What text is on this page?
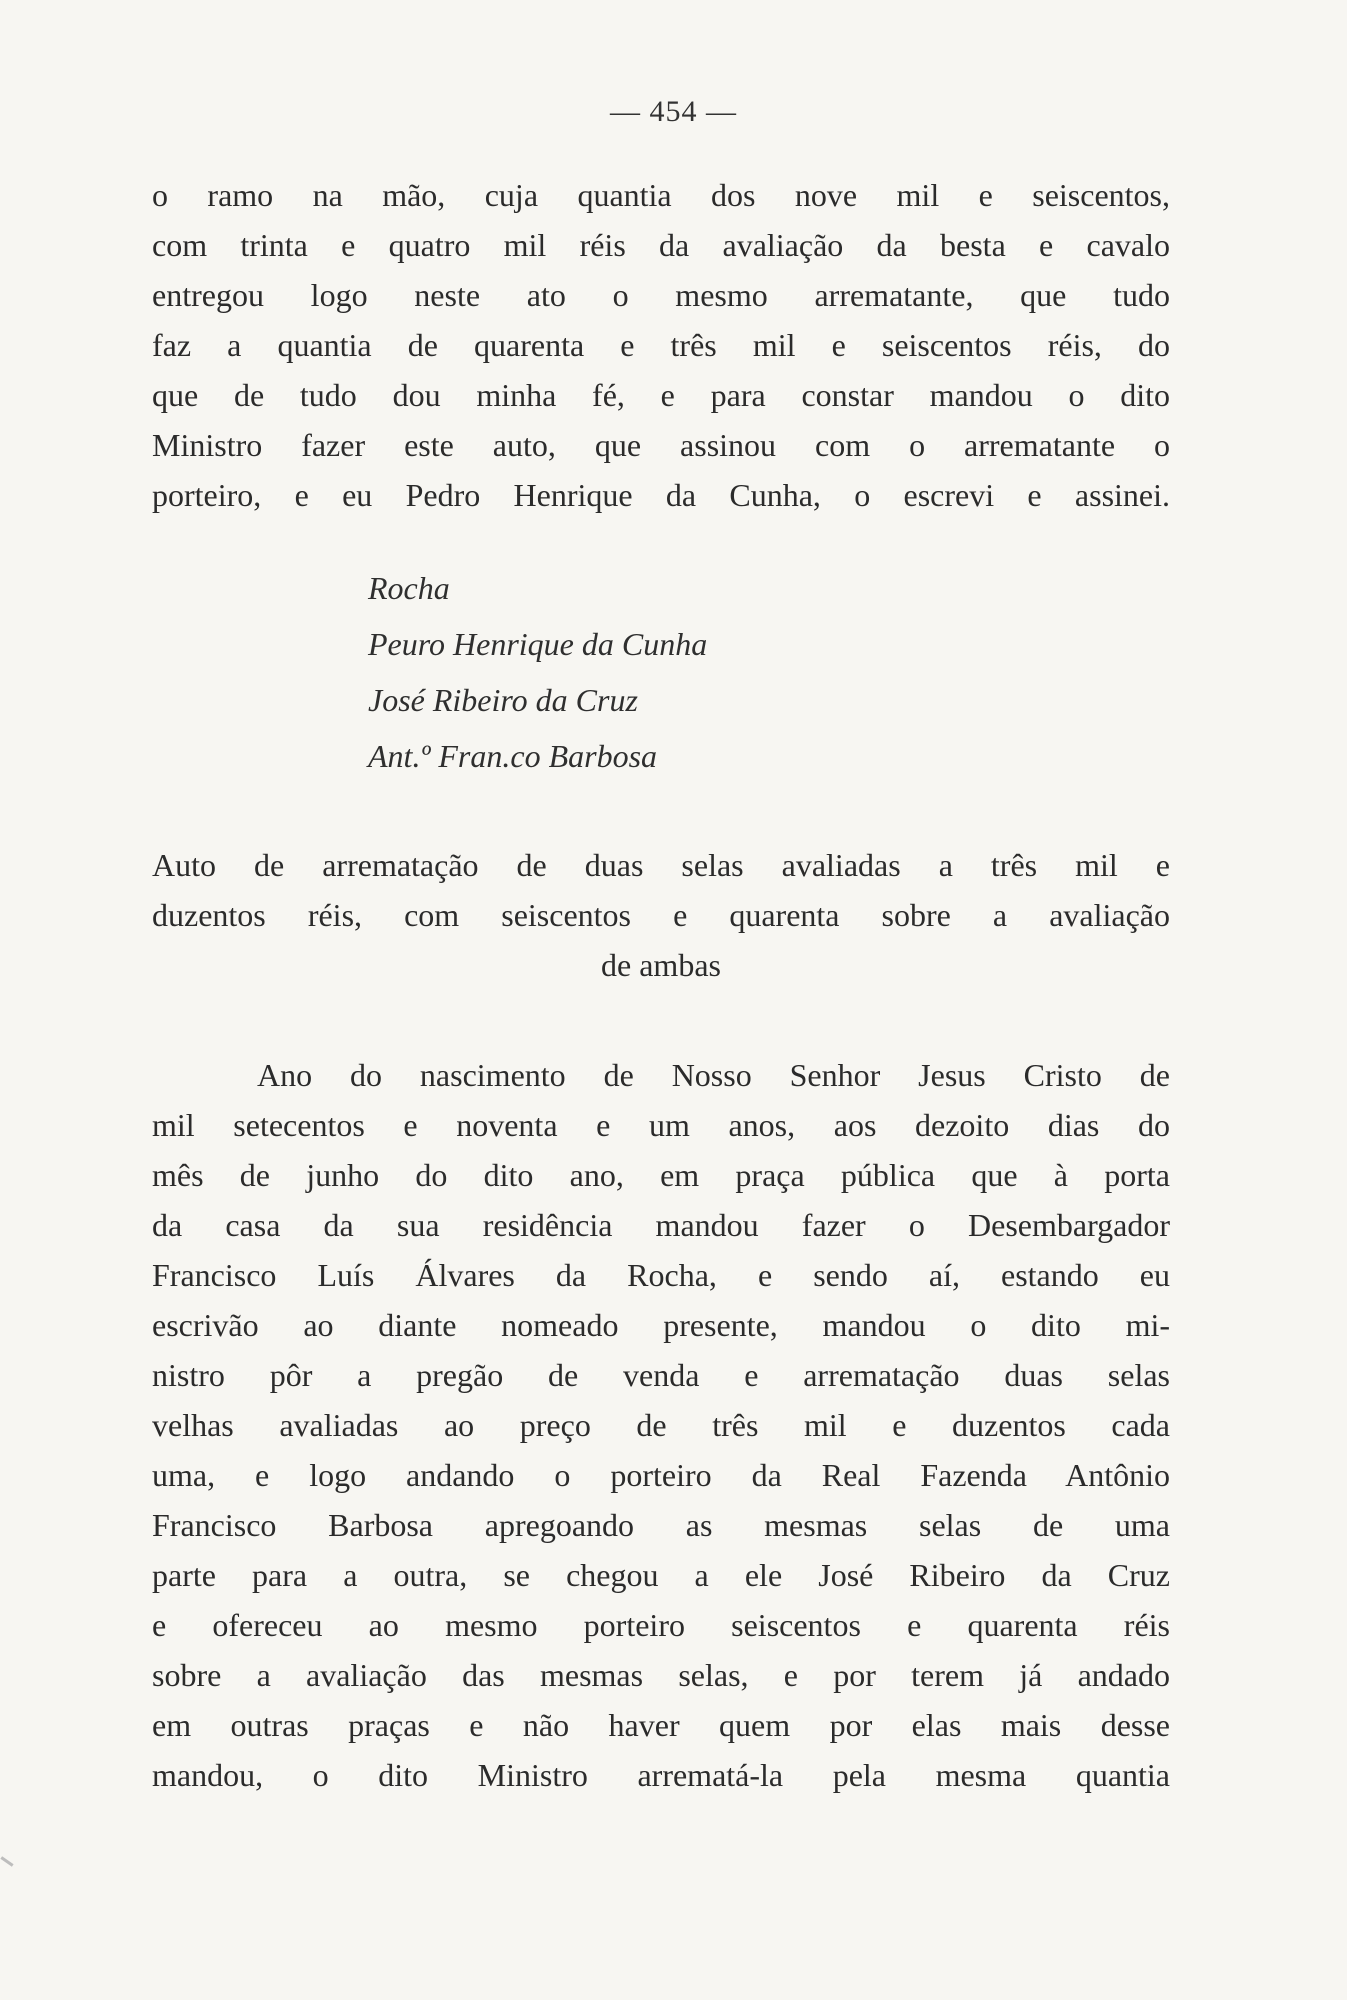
— 454 —
o ramo na mão, cuja quantia dos nove mil e seiscentos,
com trinta e quatro mil réis da avaliação da besta e cavalo
entregou logo neste ato o mesmo arrematante, que tudo
faz a quantia de quarenta e três mil e seiscentos réis, do
que de tudo dou minha fé, e para constar mandou o dito
Ministro fazer este auto, que assinou com o arrematante o
porteiro, e eu Pedro Henrique da Cunha, o escrevi e assinei.
Rocha
Peuro Henrique da Cunha
José Ribeiro da Cruz
Ant.º Fran.co Barbosa
Auto de arrematação de duas selas avaliadas a três mil e
duzentos réis, com seiscentos e quarenta sobre a avaliação
de ambas
Ano do nascimento de Nosso Senhor Jesus Cristo de
mil setecentos e noventa e um anos, aos dezoito dias do
mês de junho do dito ano, em praça pública que à porta
da casa da sua residência mandou fazer o Desembargador
Francisco Luís Álvares da Rocha, e sendo aí, estando eu
escrivão ao diante nomeado presente, mandou o dito mi-
nistro pôr a pregão de venda e arrematação duas selas
velhas avaliadas ao preço de três mil e duzentos cada
uma, e logo andando o porteiro da Real Fazenda Antônio
Francisco Barbosa apregoando as mesmas selas de uma
parte para a outra, se chegou a ele José Ribeiro da Cruz
e ofereceu ao mesmo porteiro seiscentos e quarenta réis
sobre a avaliação das mesmas selas, e por terem já andado
em outras praças e não haver quem por elas mais desse
mandou, o dito Ministro arrematá-la pela mesma quantia
